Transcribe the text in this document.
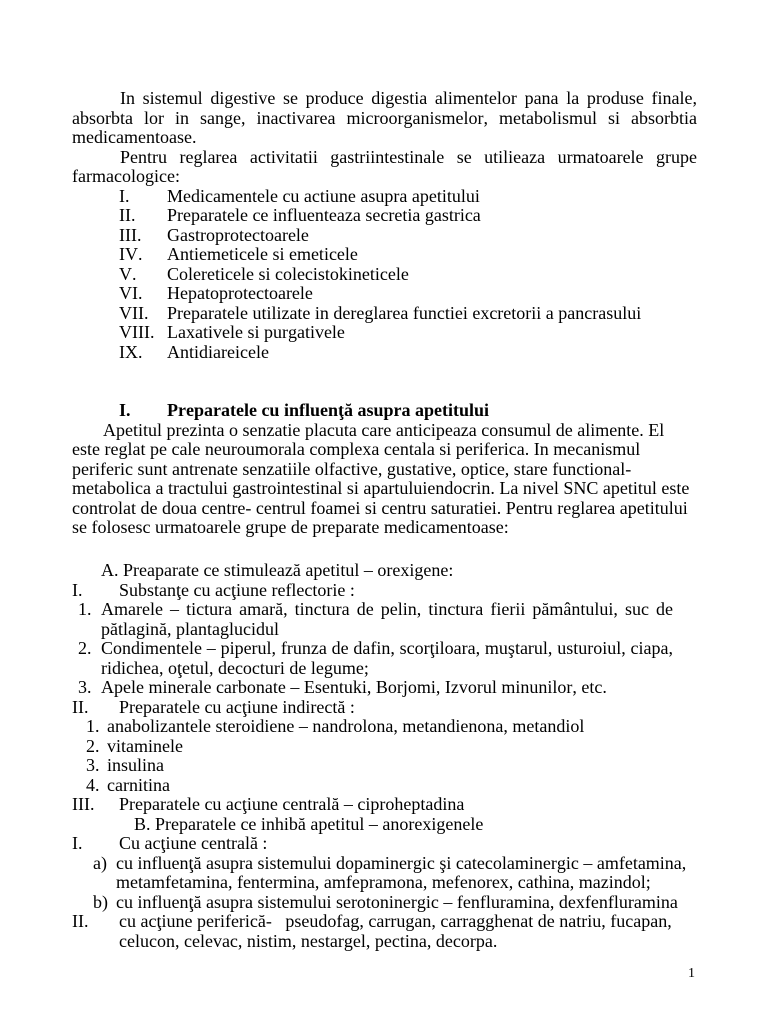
In sistemul digestive se produce digestia alimentelor pana la produse finale,
absorbta lor in sange, inactivarea microorganismelor, metabolismul si absorbtia
medicamentoase.
Pentru reglarea activitatii gastriintestinale se utilieaza urmatoarele grupe
farmacologice:
I. Medicamentele cu actiune asupra apetitului
II. Preparatele ce influenteaza secretia gastrica
III. Gastroprotectoarele
IV. Antiemeticele si emeticele
V. Colereticele si colecistokineticele
VI. Hepatoprotectoarele
VII. Preparatele utilizate in dereglarea functiei excretorii a pancrasului
VIII. Laxativele si purgativele
IX. Antidiareicele
I. Preparatele cu influenţă asupra apetitului
Apetitul prezinta o senzatie placuta care anticipeaza consumul de alimente. El
este reglat pe cale neuroumorala complexa centala si periferica. In mecanismul
periferic sunt antrenate senzatiile olfactive, gustative, optice, stare functional-
metabolica a tractului gastrointestinal si apartuluiendocrin. La nivel SNC apetitul este
controlat de doua centre- centrul foamei si centru saturatiei. Pentru reglarea apetitului
se folosesc urmatoarele grupe de preparate medicamentoase:
A. Preaparate ce stimulează apetitul – orexigene:
I. Substanţe cu acţiune reflectorie :
1. Amarele – tictura amară, tinctura de pelin, tinctura fierii pământului, suc de
pătlagină, plantaglucidul
2. Condimentele – piperul, frunza de dafin, scorţiloara, muştarul, usturoiul, ciapa,
ridichea, oţetul, decocturi de legume;
3. Apele minerale carbonate – Esentuki, Borjomi, Izvorul minunilor, etc.
II. Preparatele cu acţiune indirectă :
1. anabolizantele steroidiene – nandrolona, metandienona, metandiol
2. vitaminele
3. insulina
4. carnitina
III. Preparatele cu acţiune centrală – ciproheptadina
B. Preparatele ce inhibă apetitul – anorexigenele
I. Cu acţiune centrală :
a) cu influenţă asupra sistemului dopaminergic şi catecolaminergic – amfetamina,
metamfetamina, fentermina, amfepramona, mefenorex, cathina, mazindol;
b) cu influenţă asupra sistemului serotoninergic – fenfluramina, dexfenfluramina
II. cu acţiune periferică-   pseudofag, carrugan, carragghenat de natriu, fucapan,
celucon, celevac, nistim, nestargel, pectina, decorpa.
1
